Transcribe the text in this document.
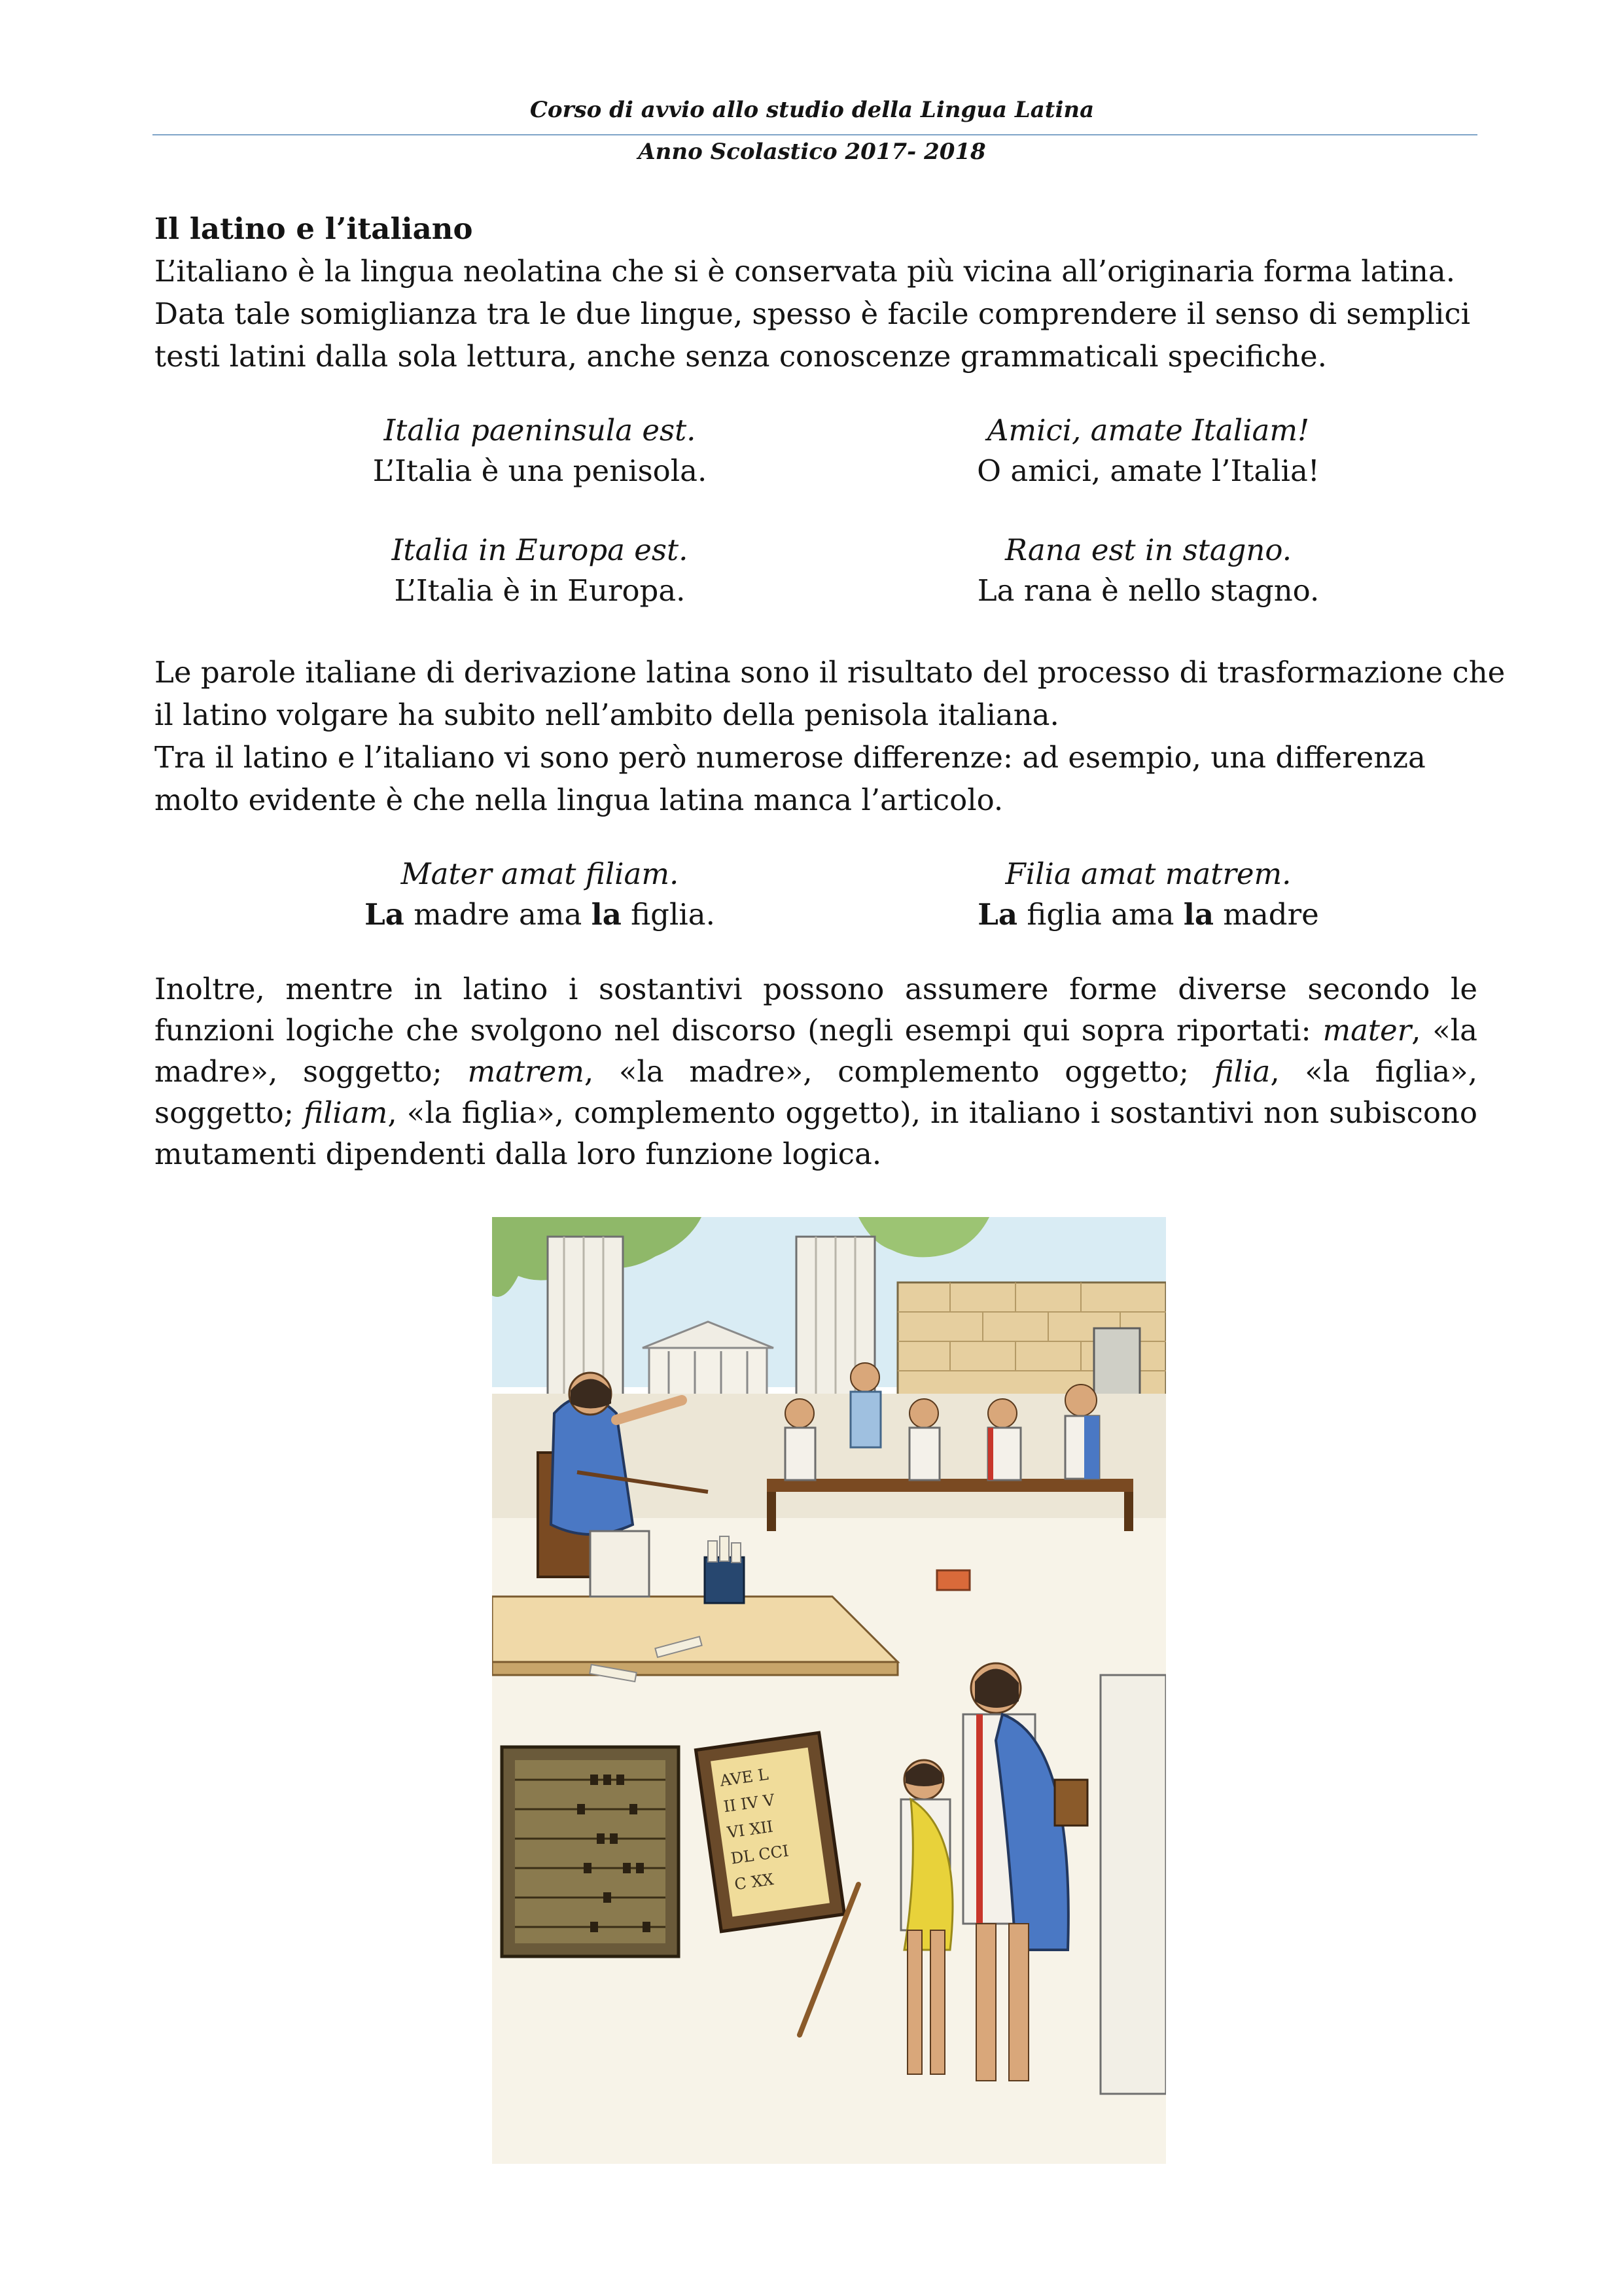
Corso di avvio allo studio della Lingua Latina
Anno Scolastico 2017- 2018
Il latino e l’italiano
L’italiano è la lingua neolatina che si è conservata più vicina all’originaria forma latina.
Data tale somiglianza tra le due lingue, spesso è facile comprendere il senso di semplici
testi latini dalla sola lettura, anche senza conoscenze grammaticali specifiche.
Italia paeninsula est.
L’Italia è una penisola.
Amici, amate Italiam!
O amici, amate l’Italia!
Italia in Europa est.
L’Italia è in Europa.
Rana est in stagno.
La rana è nello stagno.
Le parole italiane di derivazione latina sono il risultato del processo di trasformazione che
il latino volgare ha subito nell’ambito della penisola italiana.
Tra il latino e l’italiano vi sono però numerose differenze: ad esempio, una differenza
molto evidente è che nella lingua latina manca l’articolo.
Mater amat filiam.
La madre ama la figlia.
Filia amat matrem.
La figlia ama la madre
Inoltre, mentre in latino i sostantivi possono assumere forme diverse secondo le funzioni logiche che svolgono nel discorso (negli esempi qui sopra riportati: mater, «la madre», soggetto; matrem, «la madre», complemento oggetto; filia, «la figlia», soggetto; filiam, «la figlia», complemento oggetto), in italiano i sostantivi non subiscono mutamenti dipendenti dalla loro funzione logica.
AVE L
II IV V
VI XII
DL CCI
C XX
